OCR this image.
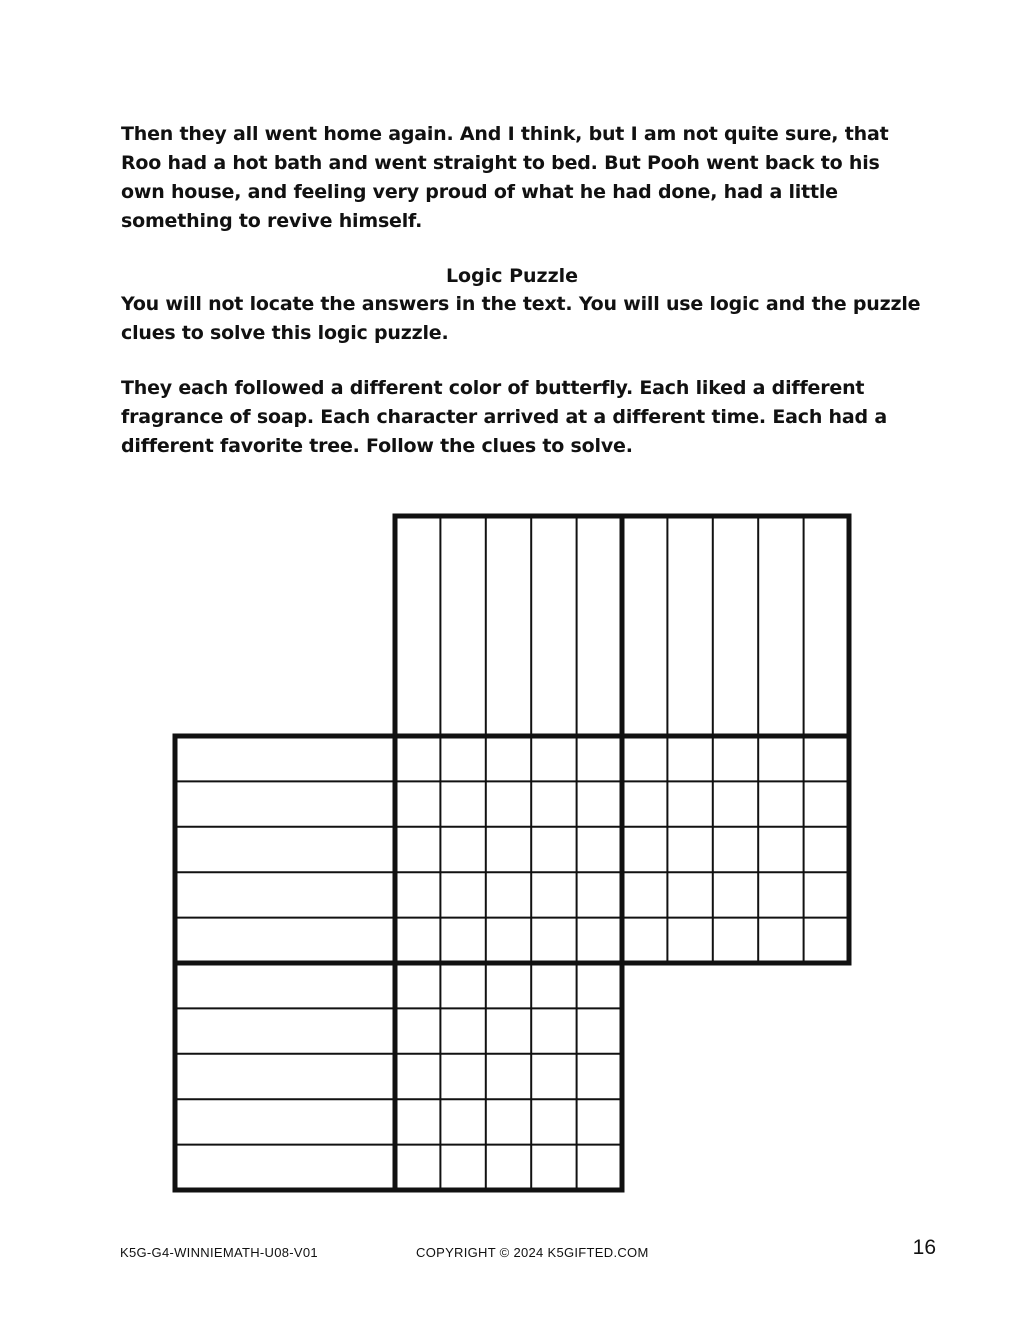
Then they all went home again. And I think, but I am not quite sure, that Roo had a hot bath and went straight to bed. But Pooh went back to his own house, and feeling very proud of what he had done, had a little something to revive himself.

Logic Puzzle

You will not locate the answers in the text. You will use logic and the puzzle clues to solve this logic puzzle.

They each followed a different color of butterfly. Each liked a different fragrance of soap. Each character arrived at a different time. Each had a different favorite tree. Follow the clues to solve.

K5G-G4-WINNIEMATH-U08-V01	COPYRIGHT © 2024 K5GIFTED.COM	16
